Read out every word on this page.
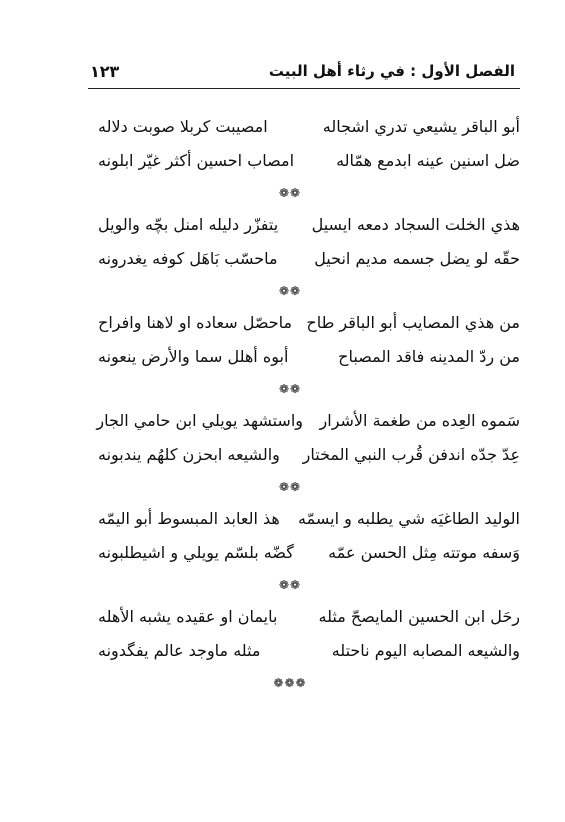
الفصل الأول : في رثاء أهل البيت
١٢٣
أبو الباقر يشيعي تدري اشجاله
امصيبت كربلا صوبت دلاله
ضل اسنين عينه ابدمع همّاله
امصاب احسين أكثر غيّر ابلونه
❁❁
هذي الخلت السجاد دمعه ايسيل
يتفزّر دليله امنل بچّه والويل
حقّه لو يضل جسمه مديم انحيل
ماحسّب بَاهَل كوفه يغدرونه
❁❁
من هذي المصايب أبو الباقر طاح
ماحصّل سعاده او لاهنا وافراح
من ردّ المدينه فاقد المصباح
أبوه أهلل سما والأرض ينعونه
❁❁
سَموه العِده من طغمة الأشرار
واستشهد يويلي ابن حامي الجار
عِدّ جدّه اندفن قُرب النبي المختار
والشيعه ابحزن كلهُم يندبونه
❁❁
الوليد الطاغيَه شي يطلبه و ايسمّه
هذ العابد المبسوط أبو اليمّه
وَسفه موتته مِثل الحسن عمّه
گضّه بلسّم يويلي و اشيطلبونه
❁❁
رحَل ابن الحسين المايصحّ مثله
بايمان او عقيده يشبه الأهله
والشيعه المصابه اليوم ناحتله
مثله ماوجد عالم يفگدونه
❁❁❁
